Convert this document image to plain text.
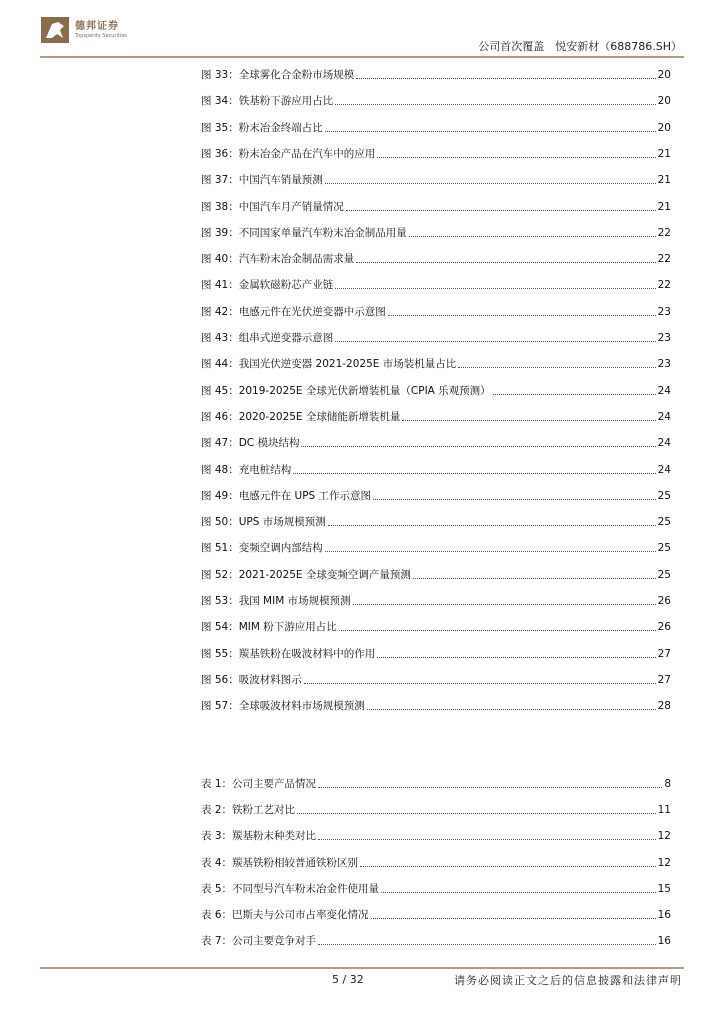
德邦证券
Topsperity Securities
公司首次覆盖　悦安新材（688786.SH）
图 33：全球雾化合金粉市场规模	20
图 34：铁基粉下游应用占比	20
图 35：粉末冶金终端占比	20
图 36：粉末冶金产品在汽车中的应用	21
图 37：中国汽车销量预测	21
图 38：中国汽车月产销量情况	21
图 39：不同国家单量汽车粉末冶金制品用量	22
图 40：汽车粉末冶金制品需求量	22
图 41：金属软磁粉芯产业链	22
图 42：电感元件在光伏逆变器中示意图	23
图 43：组串式逆变器示意图	23
图 44：我国光伏逆变器 2021-2025E 市场装机量占比	23
图 45：2019-2025E 全球光伏新增装机量（CPIA 乐观预测）	24
图 46：2020-2025E 全球储能新增装机量	24
图 47：DC 模块结构	24
图 48：充电桩结构	24
图 49：电感元件在 UPS 工作示意图	25
图 50：UPS 市场规模预测	25
图 51：变频空调内部结构	25
图 52：2021-2025E 全球变频空调产量预测	25
图 53：我国 MIM 市场规模预测	26
图 54：MIM 粉下游应用占比	26
图 55：羰基铁粉在吸波材料中的作用	27
图 56：吸波材料图示	27
图 57：全球吸波材料市场规模预测	28
表 1：公司主要产品情况	8
表 2：铁粉工艺对比	11
表 3：羰基粉末种类对比	12
表 4：羰基铁粉相较普通铁粉区别	12
表 5：不同型号汽车粉末冶金件使用量	15
表 6：巴斯夫与公司市占率变化情况	16
表 7：公司主要竞争对手	16
5 / 32	请务必阅读正文之后的信息披露和法律声明
